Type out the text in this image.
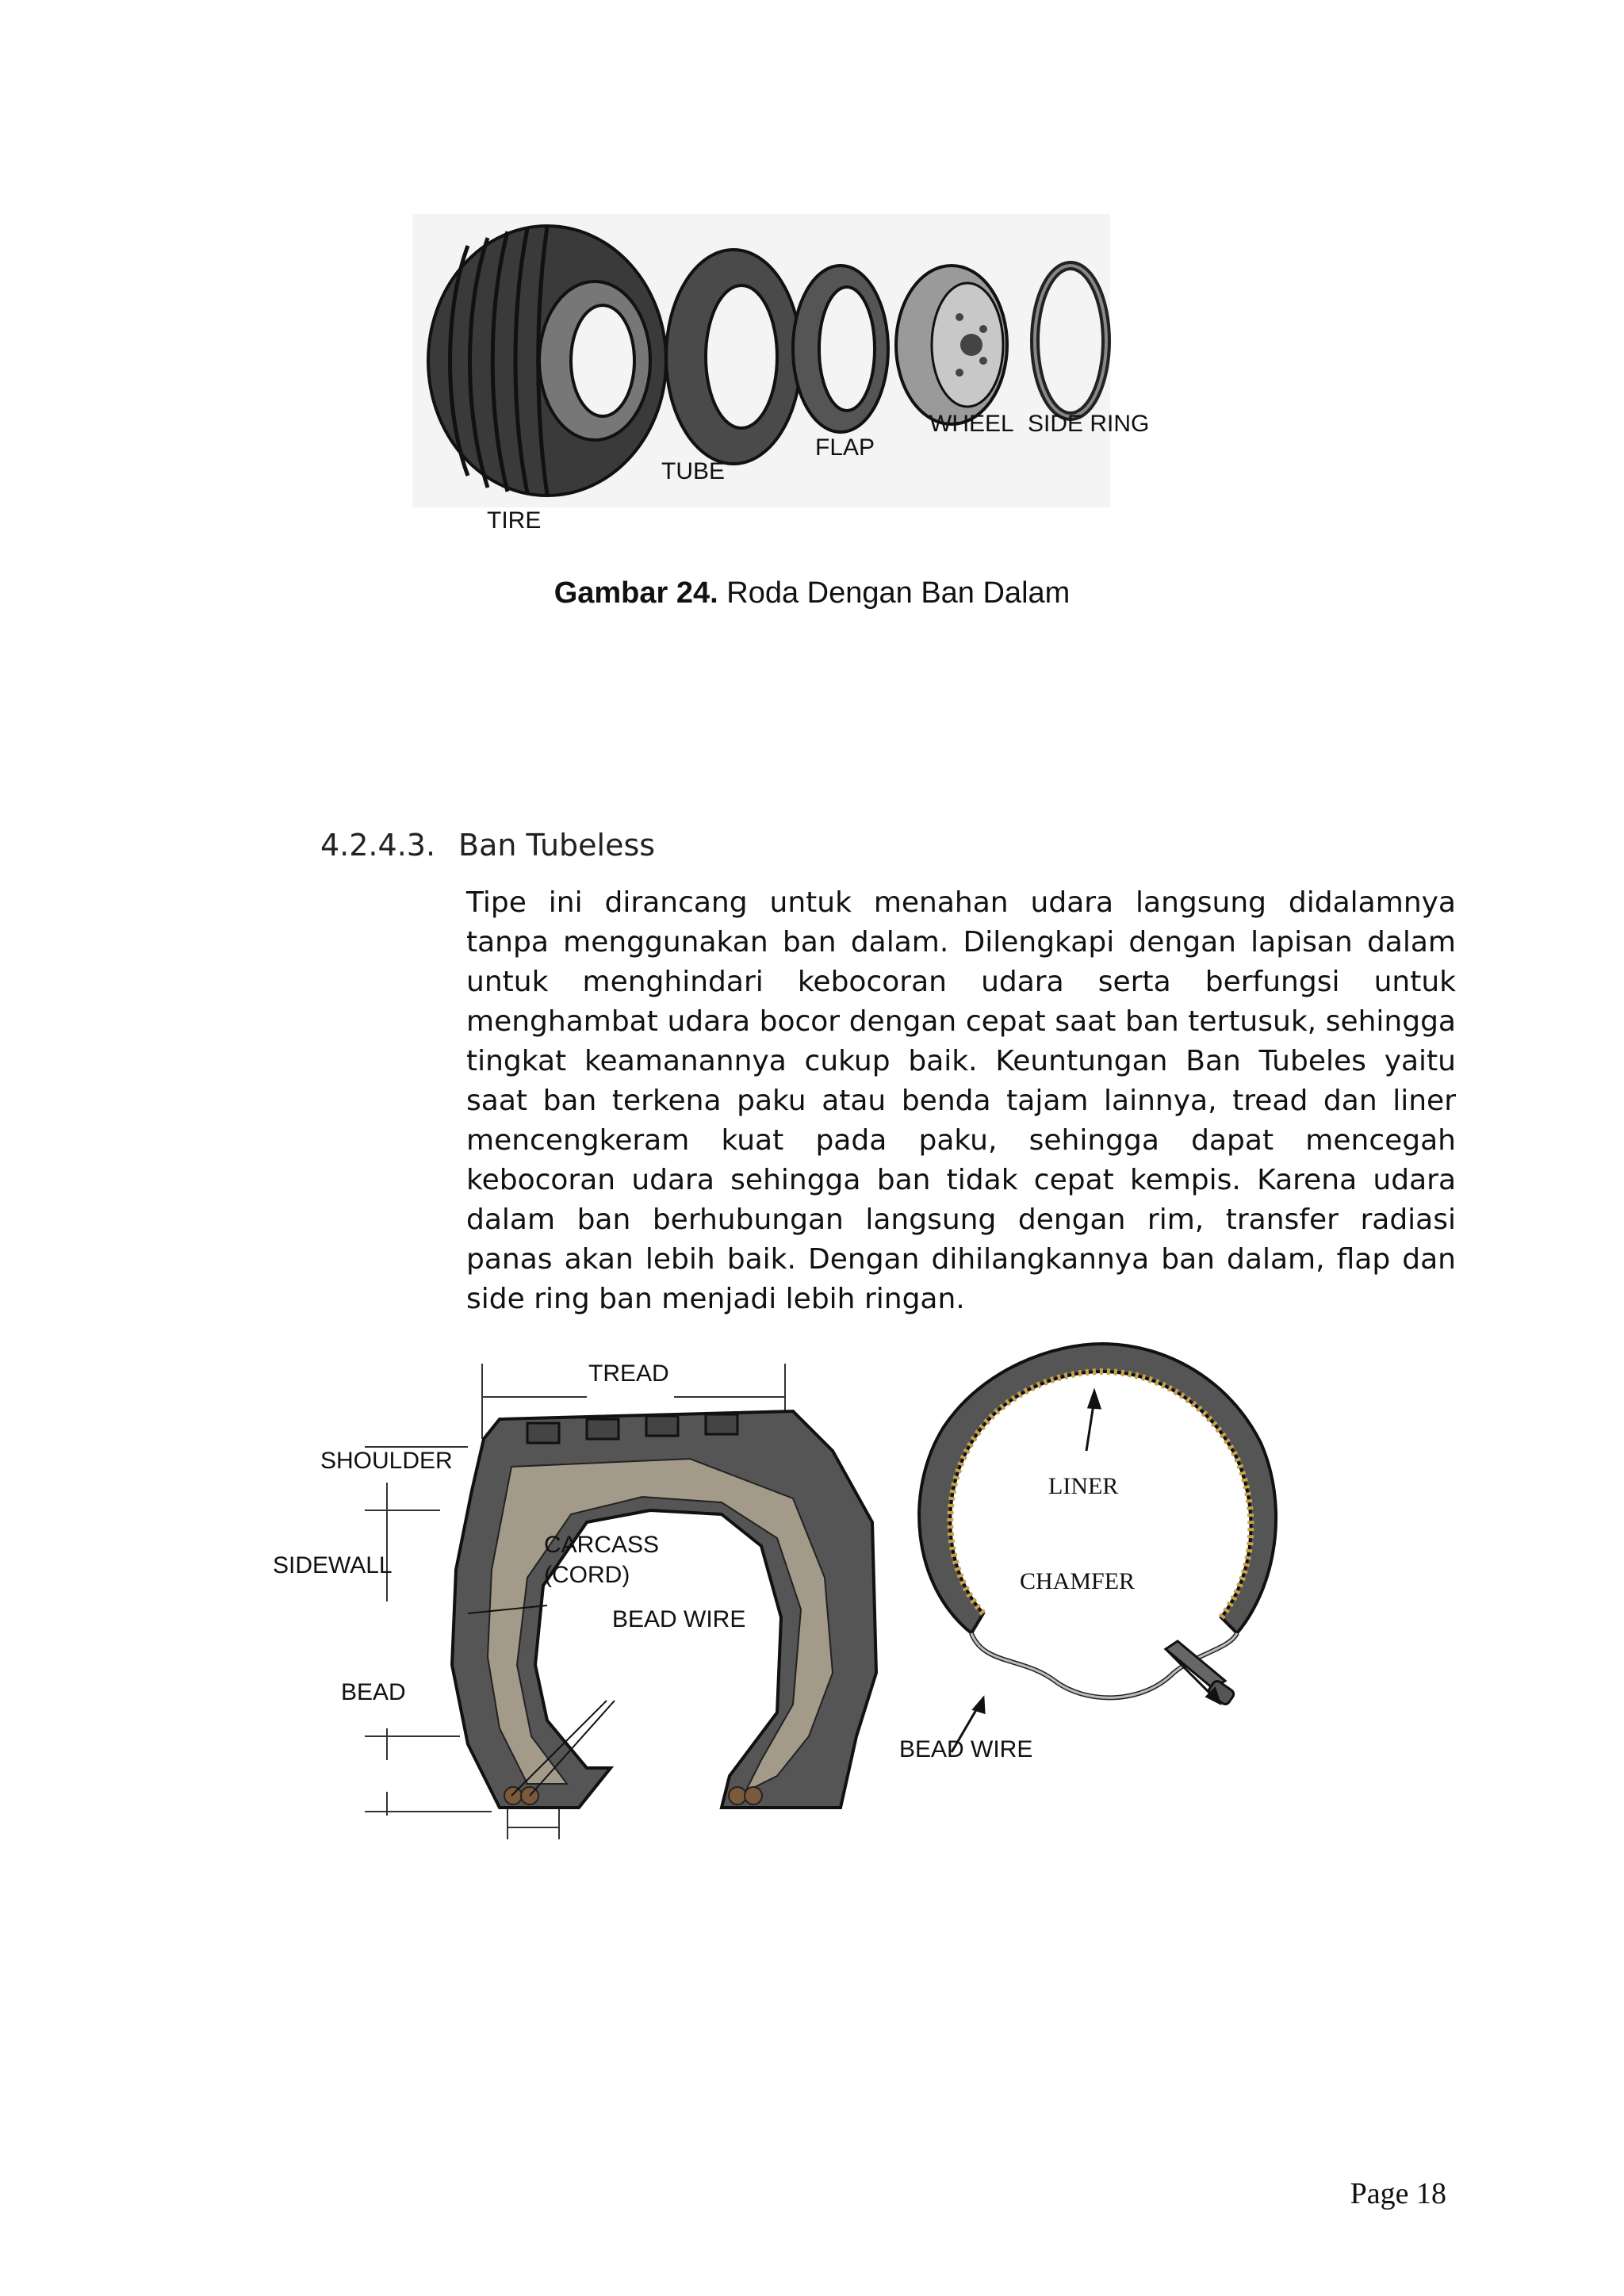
TIRE
TUBE
FLAP
WHEEL SIDE RING
Gambar 24. Roda Dengan Ban Dalam
4.2.4.3. Ban Tubeless

Tipe ini dirancang untuk menahan udara langsung didalamnya tanpa menggunakan ban dalam. Dilengkapi dengan lapisan dalam untuk menghindari kebocoran udara serta berfungsi untuk menghambat udara bocor dengan cepat saat ban tertusuk, sehingga tingkat keamanannya cukup baik. Keuntungan Ban Tubeles yaitu saat ban terkena paku atau benda tajam lainnya, tread dan liner mencengkeram kuat pada paku, sehingga dapat mencegah kebocoran udara sehingga ban tidak cepat kempis. Karena udara dalam ban berhubungan langsung dengan rim, transfer radiasi panas akan lebih baik. Dengan dihilangkannya ban dalam, flap dan side ring ban menjadi lebih ringan.

TREAD
SHOULDER
SIDEWALL
CARCASS
(CORD)
BEAD WIRE
BEAD
LINER
CHAMFER
BEAD WIRE
Page 18
